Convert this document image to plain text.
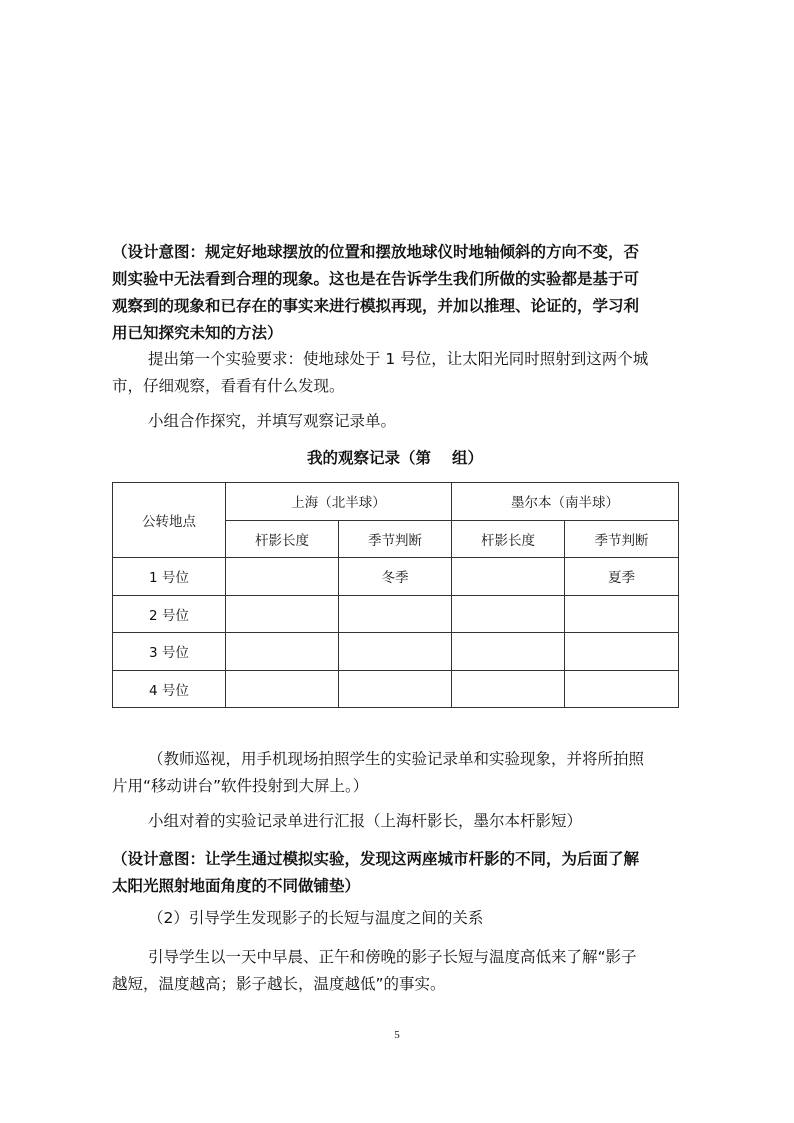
（设计意图：规定好地球摆放的位置和摆放地球仪时地轴倾斜的方向不变，否
则实验中无法看到合理的现象。这也是在告诉学生我们所做的实验都是基于可
观察到的现象和已存在的事实来进行模拟再现，并加以推理、论证的，学习利
用已知探究未知的方法）
提出第一个实验要求：使地球处于 1 号位，让太阳光同时照射到这两个城
市，仔细观察，看看有什么发现。
小组合作探究，并填写观察记录单。
我的观察记录（第　 组）
公转地点	上海（北半球）		墨尔本（南半球）	
	杆影长度	季节判断	杆影长度	季节判断
1 号位		冬季		夏季
2 号位				
3 号位				
4 号位				
（教师巡视，用手机现场拍照学生的实验记录单和实验现象，并将所拍照
片用“移动讲台”软件投射到大屏上。）
小组对着的实验记录单进行汇报（上海杆影长，墨尔本杆影短）
（设计意图：让学生通过模拟实验，发现这两座城市杆影的不同，为后面了解
太阳光照射地面角度的不同做铺垫）
（2）引导学生发现影子的长短与温度之间的关系
引导学生以一天中早晨、正午和傍晚的影子长短与温度高低来了解“影子
越短，温度越高；影子越长，温度越低”的事实。
5
